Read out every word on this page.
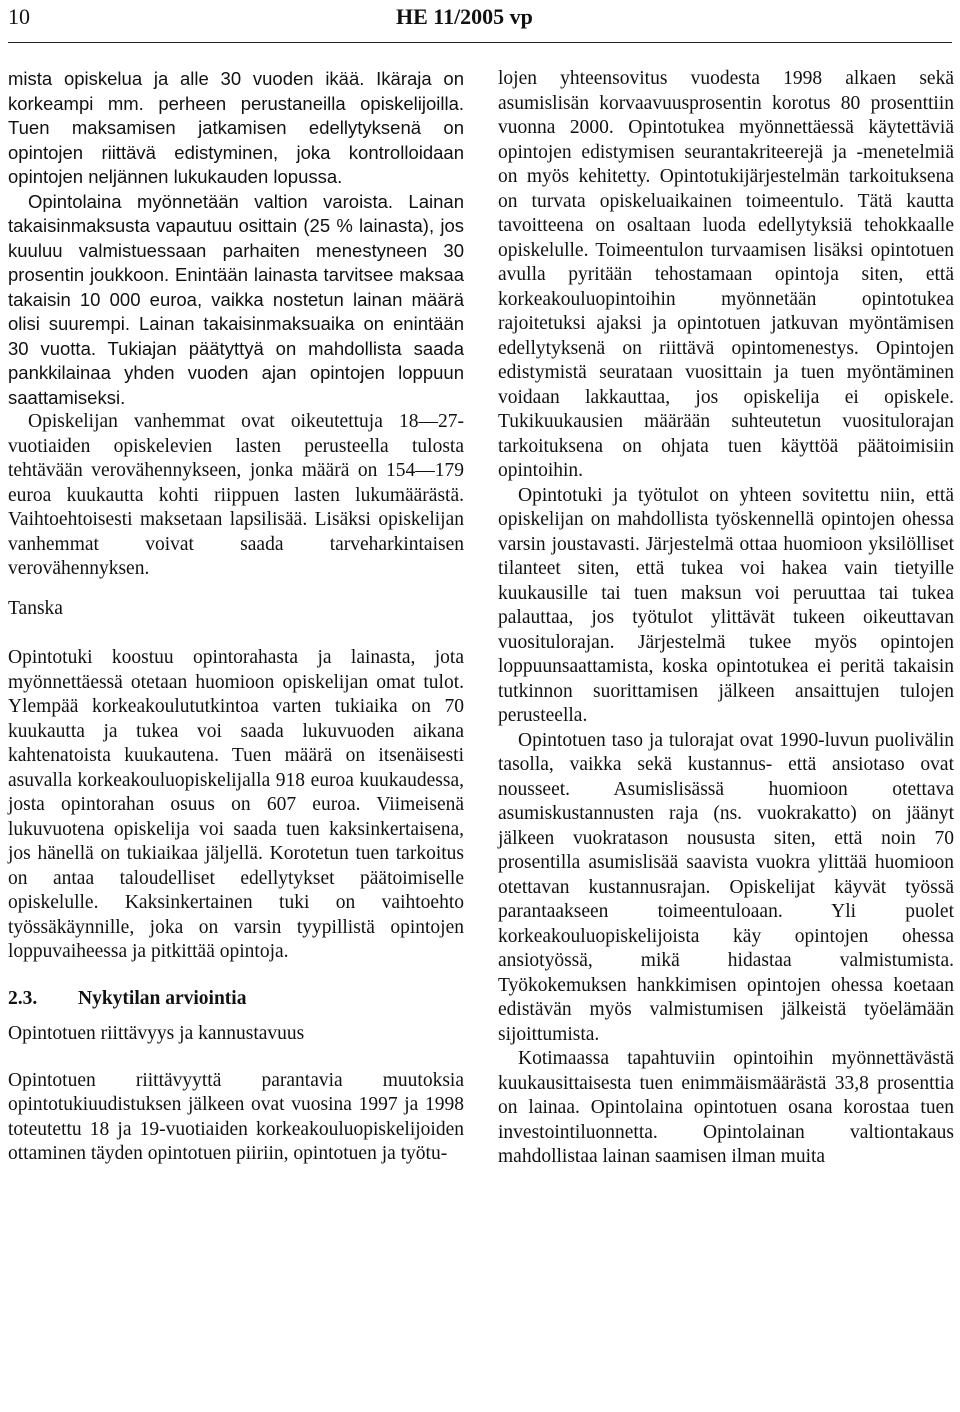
10	HE 11/2005 vp

mista opiskelua ja alle 30 vuoden ikää. Ikäraja on korkeampi mm. perheen perustaneilla opiskelijoilla. Tuen maksamisen jatkamisen edellytyksenä on opintojen riittävä edistyminen, joka kontrolloidaan opintojen neljännen lukukauden lopussa.

Opintolaina myönnetään valtion varoista. Lainan takaisinmaksusta vapautuu osittain (25 % lainasta), jos kuuluu valmistuessaan parhaiten menestyneen 30 prosentin joukkoon. Enintään lainasta tarvitsee maksaa takaisin 10 000 euroa, vaikka nostetun lainan määrä olisi suurempi. Lainan takaisinmaksuaika on enintään 30 vuotta. Tukiajan päätyttyä on mahdollista saada pankkilainaa yhden vuoden ajan opintojen loppuun saattamiseksi.

Opiskelijan vanhemmat ovat oikeutettuja 18—27-vuotiaiden opiskelevien lasten perusteella tulosta tehtävään verovähennykseen, jonka määrä on 154—179 euroa kuukautta kohti riippuen lasten lukumäärästä. Vaihtoehtoisesti maksetaan lapsilisää. Lisäksi opiskelijan vanhemmat voivat saada tarveharkintaisen verovähennyksen.

Tanska

Opintotuki koostuu opintorahasta ja lainasta, jota myönnettäessä otetaan huomioon opiskelijan omat tulot. Ylempää korkeakoulututkintoa varten tukiaika on 70 kuukautta ja tukea voi saada lukuvuoden aikana kahtenatoista kuukautena. Tuen määrä on itsenäisesti asuvalla korkeakouluopiskelijalla 918 euroa kuukaudessa, josta opintorahan osuus on 607 euroa. Viimeisenä lukuvuotena opiskelija voi saada tuen kaksinkertaisena, jos hänellä on tukiaikaa jäljellä. Korotetun tuen tarkoitus on antaa taloudelliset edellytykset päätoimiselle opiskelulle. Kaksinkertainen tuki on vaihtoehto työssäkäynnille, joka on varsin tyypillistä opintojen loppuvaiheessa ja pitkittää opintoja.

2.3. Nykytilan arviointia

Opintotuen riittävyys ja kannustavuus

Opintotuen riittävyyttä parantavia muutoksia opintotukiuudistuksen jälkeen ovat vuosina 1997 ja 1998 toteutettu 18 ja 19-vuotiaiden korkeakouluopiskelijoiden ottaminen täyden opintotuen piiriin, opintotuen ja työtu-

lojen yhteensovitus vuodesta 1998 alkaen sekä asumislisän korvaavuusprosentin korotus 80 prosenttiin vuonna 2000. Opintotukea myönnettäessä käytettäviä opintojen edistymisen seurantakriteerejä ja -menetelmiä on myös kehitetty. Opintotukijärjestelmän tarkoituksena on turvata opiskeluaikainen toimeentulo. Tätä kautta tavoitteena on osaltaan luoda edellytyksiä tehokkaalle opiskelulle. Toimeentulon turvaamisen lisäksi opintotuen avulla pyritään tehostamaan opintoja siten, että korkeakouluopintoihin myönnetään opintotukea rajoitetuksi ajaksi ja opintotuen jatkuvan myöntämisen edellytyksenä on riittävä opintomenestys. Opintojen edistymistä seurataan vuosittain ja tuen myöntäminen voidaan lakkauttaa, jos opiskelija ei opiskele. Tukikuukausien määrään suhteutetun vuositulorajan tarkoituksena on ohjata tuen käyttöä päätoimisiin opintoihin.

Opintotuki ja työtulot on yhteen sovitettu niin, että opiskelijan on mahdollista työskennellä opintojen ohessa varsin joustavasti. Järjestelmä ottaa huomioon yksilölliset tilanteet siten, että tukea voi hakea vain tietyille kuukausille tai tuen maksun voi peruuttaa tai tukea palauttaa, jos työtulot ylittävät tukeen oikeuttavan vuositulorajan. Järjestelmä tukee myös opintojen loppuunsaattamista, koska opintotukea ei peritä takaisin tutkinnon suorittamisen jälkeen ansaittujen tulojen perusteella.

Opintotuen taso ja tulorajat ovat 1990-luvun puolivälin tasolla, vaikka sekä kustannus- että ansiotaso ovat nousseet. Asumislisässä huomioon otettava asumiskustannusten raja (ns. vuokrakatto) on jäänyt jälkeen vuokratason noususta siten, että noin 70 prosentilla asumislisää saavista vuokra ylittää huomioon otettavan kustannusrajan. Opiskelijat käyvät työssä parantaakseen toimeentuloaan. Yli puolet korkeakouluopiskelijoista käy opintojen ohessa ansiotyössä, mikä hidastaa valmistumista. Työkokemuksen hankkimisen opintojen ohessa koetaan edistävän myös valmistumisen jälkeistä työelämään sijoittumista.

Kotimaassa tapahtuviin opintoihin myönnettävästä kuukausittaisesta tuen enimmäismäärästä 33,8 prosenttia on lainaa. Opintolaina opintotuen osana korostaa tuen investointiluonnetta. Opintolainan valtiontakaus mahdollistaa lainan saamisen ilman muita
